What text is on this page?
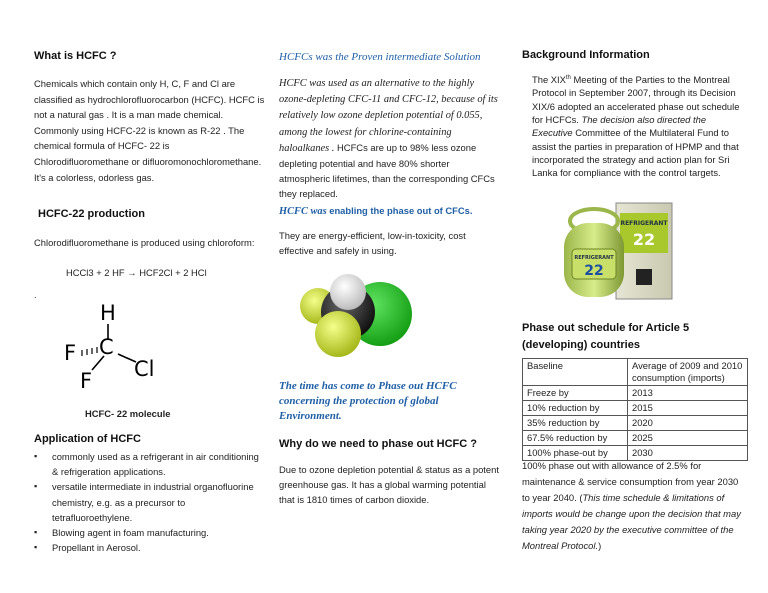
What is HCFC ?

Chemicals which contain only H, C, F and Cl are classified as hydrochlorofluorocarbon (HCFC). HCFC is not a natural gas . It is a man made chemical. Commonly using HCFC-22 is known as R-22 . The chemical formula of HCFC- 22 is Chlorodifluoromethane or difluoromonochloromethane. It's a colorless, odorless gas.

HCFC-22 production

Chlorodifluoromethane is produced using chloroform:

HCCl3 + 2 HF → HCF2Cl + 2 HCl

.

H
C
F
F Cl

HCFC- 22 molecule

Application of HCFC
▪ commonly used as a refrigerant in air conditioning & refrigeration applications.
▪ versatile intermediate in industrial organofluorine chemistry, e.g. as a precursor to tetrafluoroethylene.
▪ Blowing agent in foam manufacturing.
▪ Propellant in Aerosol.

HCFCs was the Proven intermediate Solution

HCFC was used as an alternative to the highly ozone-depleting CFC-11 and CFC-12, because of its relatively low ozone depletion potential of 0.055, among the lowest for chlorine-containing haloalkanes . HCFCs are up to 98% less ozone depleting potential and have 80% shorter atmospheric lifetimes, than the corresponding CFCs they replaced.

HCFC was enabling the phase out of CFCs.

They are energy-efficient, low-in-toxicity, cost effective and safely in using.

The time has come to Phase out HCFC concerning the protection of global Environment.

Why do we need to phase out HCFC ?

Due to ozone depletion potential & status as a potent greenhouse gas. It has a global warming potential that is 1810 times of carbon dioxide.

Background Information

The XIXth Meeting of the Parties to the Montreal Protocol in September 2007, through its Decision XIX/6 adopted an accelerated phase out schedule for HCFCs. The decision also directed the Executive Committee of the Multilateral Fund to assist the parties in preparation of HPMP and that incorporated the strategy and action plan for Sri Lanka for compliance with the control targets.

REFRIGERANT
22
REFRIGERANT
22
Phase out schedule for Article 5 (developing) countries
Baseline	Average of 2009 and 2010 consumption (imports)
Freeze by	2013
10% reduction by	2015
35% reduction by	2020
67.5% reduction by	2025
100% phase-out by	2030

100% phase out with allowance of 2.5% for maintenance & service consumption from year 2030 to year 2040. (This time schedule & limitations of imports would be change upon the decision that may taking year 2020 by the executive committee of the Montreal Protocol.)
